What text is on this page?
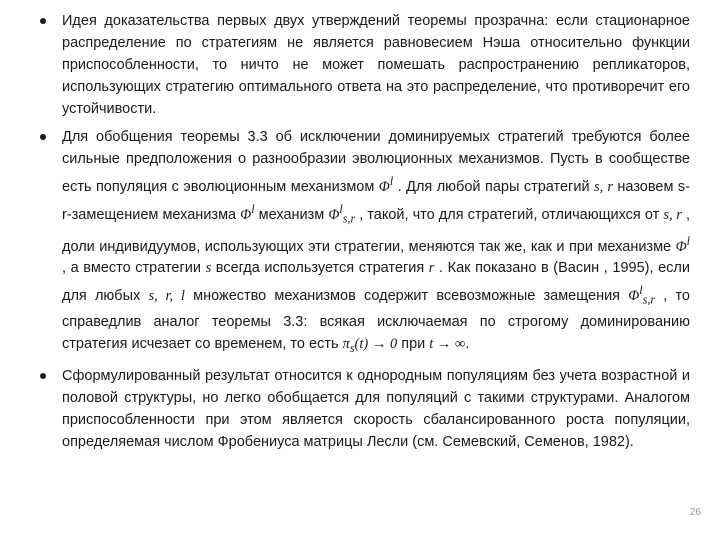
Идея доказательства первых двух утверждений теоремы прозрачна: если стационарное распределение по стратегиям не является равновесием Нэша относительно функции приспособленности, то ничто не может помешать распространению репликаторов, использующих стратегию оптимального ответа на это распределение, что противоречит его устойчивости.
Для обобщения теоремы 3.3 об исключении доминируемых стратегий требуются более сильные предположения о разнообразии эволюционных механизмов. Пусть в сообществе есть популяция с эволюционным механизмом $\Phi^l$ . Для любой пары стратегий s, r назовем s-r-замещением механизма $\Phi^l$ механизм $\Phi^l_{s,r}$ , такой, что для стратегий, отличающихся от s, r , доли индивидуумов, использующих эти стратегии, меняются так же, как и при механизме $\Phi^l$ , а вместо стратегии s всегда используется стратегия r . Как показано в (Васин , 1995), если для любых s, r, l множество механизмов содержит всевозможные замещения $\Phi^l_{s,r}$ , то справедлив аналог теоремы 3.3: всякая исключаемая по строгому доминированию стратегия исчезает со временем, то есть $\pi_s(t) \to 0$ при t → ∞.
Сформулированный результат относится к однородным популяциям без учета возрастной и половой структуры, но легко обобщается для популяций с такими структурами. Аналогом приспособленности при этом является скорость сбалансированного роста популяции, определяемая числом Фробениуса матрицы Лесли (см. Семевский, Семенов, 1982).
26
